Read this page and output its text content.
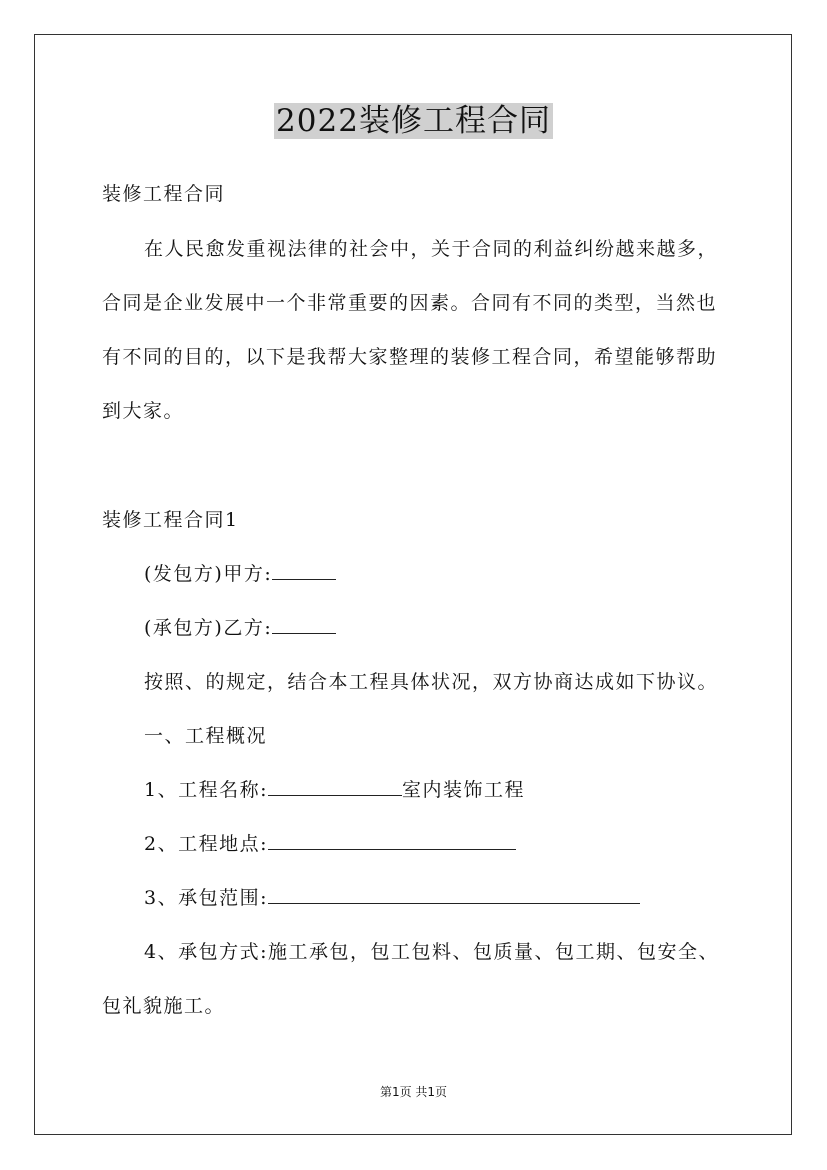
2022装修工程合同
装修工程合同
在人民愈发重视法律的社会中，关于合同的利益纠纷越来越多，
合同是企业发展中一个非常重要的因素。合同有不同的类型，当然也
有不同的目的，以下是我帮大家整理的装修工程合同，希望能够帮助
到大家。
装修工程合同1
(发包方)甲方:
(承包方)乙方:
按照、的规定，结合本工程具体状况，双方协商达成如下协议。
一、工程概况
1、工程名称:	室内装饰工程
2、工程地点:
3、承包范围:
4、承包方式:施工承包，包工包料、包质量、包工期、包安全、
包礼貌施工。
第1页 共1页
